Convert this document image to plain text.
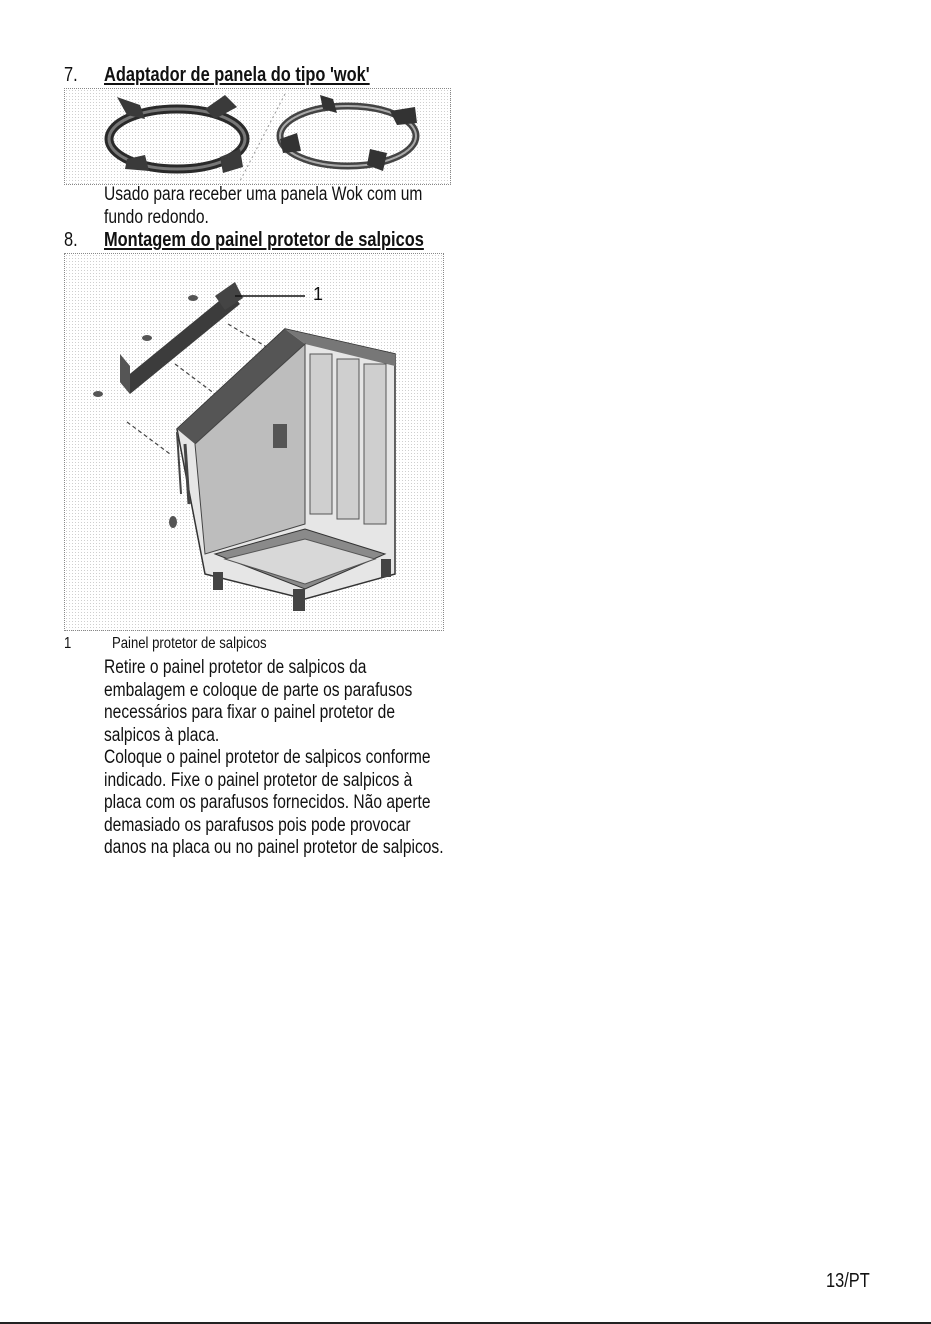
7. Adaptador de panela do tipo 'wok'
Usado para receber uma panela Wok com um
fundo redondo.
8. Montagem do painel protetor de salpicos
1
1	Painel protetor de salpicos
Retire o painel protetor de salpicos da
embalagem e coloque de parte os parafusos
necessários para fixar o painel protetor de
salpicos à placa.
Coloque o painel protetor de salpicos conforme
indicado. Fixe o painel protetor de salpicos à
placa com os parafusos fornecidos. Não aperte
demasiado os parafusos pois pode provocar
danos na placa ou no painel protetor de salpicos.
13/PT
